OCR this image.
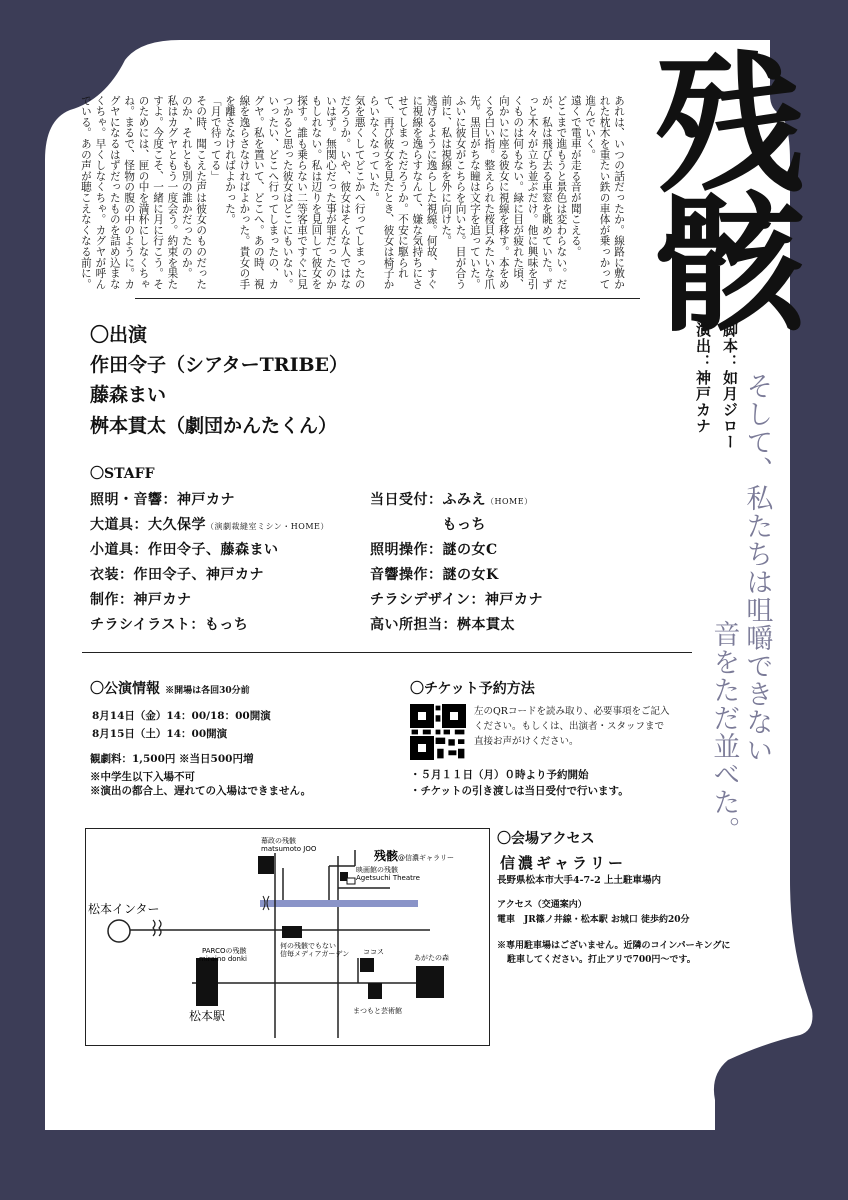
残
骸

あれは、いつの話だったか。線路に敷かれた枕木を重たい鉄の車体が乗っかって進んでいく。

遠くで電車が走る音が聞こえる。

どこまで進もうと景色は変わらない。だが、私は飛び去る車窓を眺めていた。ずっと木々が立ち並ぶだけ。他に興味を引くものは何もない。緑に目が疲れた頃、向かいに座る彼女に視線を移す。本をめくる白い指。整えられた桜貝みたいな爪先。黒目がちな瞳は文字を追っていた。ふいに彼女がこちらを向いた。目が合う前に、私は視線を外に向けた。

逃げるように逸らした視線。何故、すぐに視線を逸らすなんて、嫌な気持ちにさせてしまっただろうか。不安に駆られて、再び彼女を見たとき、彼女は椅子からいなくなっていた。

気を悪くしてどこかへ行ってしまったのだろうか。いや、彼女はそんな人ではないはず。無関心だった事が罪だったのかもしれない。私は辺りを見回して彼女を探す。誰も乗らない二等客車ですぐに見つかると思った彼女はどこにもいない。いったい、どこへ行ってしまったの、カグヤ。私を置いて、どこへ。あの時、視線を逸らさなければよかった。貴女の手を離さなければよかった。

「月で待ってる」

その時、聞こえた声は彼女のものだったのか、それとも別の誰かだったのか。

私はカグヤともう一度会う。約束を果たすよ。今度こそ、一緒に月に行こう。そのためには、匣の中を満杯にしなくちゃね。まるで、怪物の腹の中のように。カグヤになるはずだったものを詰め込まなくちゃ。早くしなくちゃ。カグヤが呼んでいる。あの声が聴こえなくなる前に。

脚本：如月ジロー
演出：神戸カナ そして、私たちは咀嚼できない
音をただ並べた。
〇出演
作田令子（シアターTRIBE）
藤森まい
桝本貫太（劇団かんたくん）
〇STAFF
照明・音響：神戸カナ
大道具：大久保学（演劇裁縫室ミシン・HOME）
小道具：作田令子、藤森まい
衣装：作田令子、神戸カナ
制作：神戸カナ
チラシイラスト：もっち
当日受付：ふみえ（HOME）
　　　　　もっち
照明操作：謎の女C
音響操作：謎の女K
チラシデザイン：神戸カナ
高い所担当：桝本貫太
〇公演情報 ※開場は各回30分前
8月14日（金）14：00/18：00開演
8月15日（土）14：00開演
観劇料：1,500円 ※当日500円増
※中学生以下入場不可
※演出の都合上、遅れての入場はできません。
〇チケット予約方法
左のQRコードを読み取り、必要事項をご記入
ください。もしくは、出演者・スタッフまで
直接お声がけください。
・５月１１日（月）０時より予約開始
・チケットの引き渡しは当日受付で行います。
幕政の残骸
matsumoto JOO	残骸 @信濃ギャラリー
映画館の残骸
Agetsuchi Theatre
松本インター
PARCOの残骸
miraino donki
何の残骸でもない
信毎メディアガーデン ココス
あがたの森
まつもと芸術館
松本駅
〇会場アクセス
信濃ギャラリー
長野県松本市大手4-7-2 上土駐車場内
アクセス（交通案内）
電車　JR篠ノ井線・松本駅 お城口 徒歩約20分
※専用駐車場はございません。近隣のコインパーキングに
駐車してください。打止アリで700円〜です。
